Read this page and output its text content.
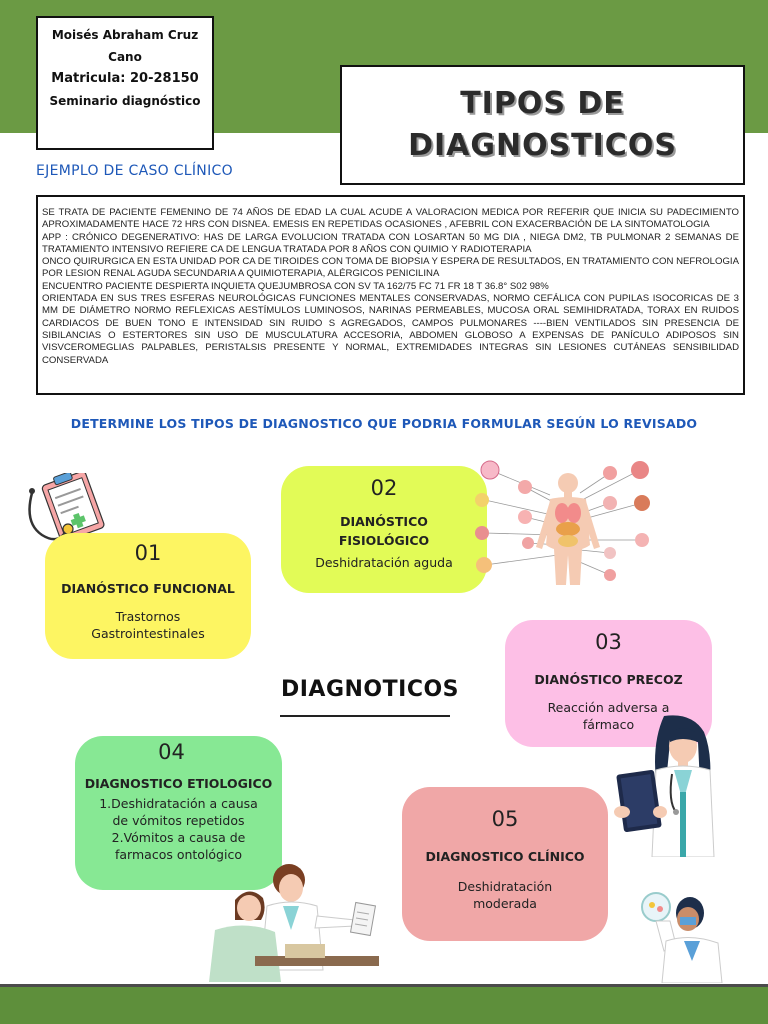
Moisés Abraham Cruz
Cano
Matricula: 20-28150
Seminario diagnóstico	TIPOS DE
DIAGNOSTICOS
EJEMPLO DE CASO CLÍNICO

SE TRATA DE PACIENTE FEMENINO DE 74 AÑOS DE EDAD LA CUAL ACUDE A VALORACION MEDICA POR REFERIR QUE INICIA SU PADECIMIENTO APROXIMADAMENTE HACE 72 HRS CON DISNEA. EMESIS EN REPETIDAS OCASIONES , AFEBRIL CON EXACERBACIÓN DE LA SINTOMATOLOGIA

APP : CRÓNICO DEGENERATIVO: HAS DE LARGA EVOLUCION TRATADA CON LOSARTAN 50 MG DIA , NIEGA DM2, TB PULMONAR 2 SEMANAS DE TRATAMIENTO INTENSIVO REFIERE CA DE LENGUA TRATADA POR 8 AÑOS CON QUIMIO Y RADIOTERAPIA

ONCO QUIRURGICA EN ESTA UNIDAD POR CA DE TIROIDES CON TOMA DE BIOPSIA Y ESPERA DE RESULTADOS, EN TRATAMIENTO CON NEFROLOGIA POR LESION RENAL AGUDA SECUNDARIA A QUIMIOTERAPIA, ALÉRGICOS PENICILINA

ENCUENTRO PACIENTE DESPIERTA INQUIETA QUEJUMBROSA CON SV TA 162/75 FC 71 FR 18 T 36.8° S02 98%

ORIENTADA EN SUS TRES ESFERAS NEUROLÓGICAS FUNCIONES MENTALES CONSERVADAS, NORMO CEFÁLICA CON PUPILAS ISOCORICAS DE 3 MM DE DIÁMETRO NORMO REFLEXICAS AESTÍMULOS LUMINOSOS, NARINAS PERMEABLES, MUCOSA ORAL SEMIHIDRATADA, TORAX EN RUIDOS CARDIACOS DE BUEN TONO E INTENSIDAD SIN RUIDO S AGREGADOS, CAMPOS PULMONARES ----BIEN VENTILADOS SIN PRESENCIA DE SIBILANCIAS O ESTERTORES SIN USO DE MUSCULATURA ACCESORIA, ABDOMEN GLOBOSO A EXPENSAS DE PANÍCULO ADIPOSOS SIN VISVCEROMEGLIAS PALPABLES, PERISTALSIS PRESENTE Y NORMAL, EXTREMIDADES INTEGRAS SIN LESIONES CUTÁNEAS SENSIBILIDAD CONSERVADA

DETERMINE LOS TIPOS DE DIAGNOSTICO QUE PODRIA FORMULAR SEGÚN LO REVISADO
01
DIANÓSTICO FUNCIONAL
Trastornos
Gastrointestinales
02
DIANÓSTICO
FISIOLÓGICO
Deshidratación aguda
03
DIANÓSTICO PRECOZ
Reacción adversa a
fármaco
DIAGNOTICOS
04
DIAGNOSTICO ETIOLOGICO
1.Deshidratación a causa
de vómitos repetidos
2.Vómitos a causa de
farmacos ontológico
05
DIAGNOSTICO CLÍNICO
Deshidratación
moderada
